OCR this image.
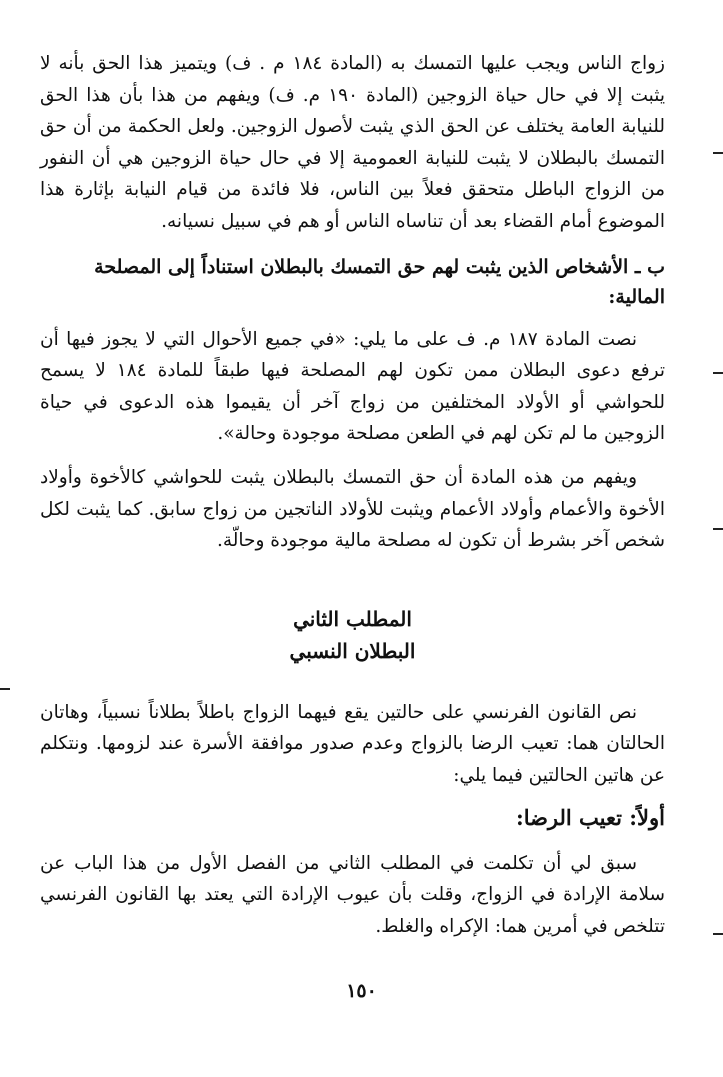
زواج الناس ويجب عليها التمسك به (المادة ١٨٤ م . ف) ويتميز هذا الحق بأنه لا يثبت إلا في حال حياة الزوجين (المادة ١٩٠ م. ف) ويفهم من هذا بأن هذا الحق للنيابة العامة يختلف عن الحق الذي يثبت لأصول الزوجين. ولعل الحكمة من أن حق التمسك بالبطلان لا يثبت للنيابة العمومية إلا في حال حياة الزوجين هي أن النفور من الزواج الباطل متحقق فعلاً بين الناس، فلا فائدة من قيام النيابة بإثارة هذا الموضوع أمام القضاء بعد أن تناساه الناس أو هم في سبيل نسيانه.

ب ـ الأشخاص الذين يثبت لهم حق التمسك بالبطلان استناداً إلى المصلحة المالية:

نصت المادة ١٨٧ م. ف على ما يلي: «في جميع الأحوال التي لا يجوز فيها أن ترفع دعوى البطلان ممن تكون لهم المصلحة فيها طبقاً للمادة ١٨٤ لا يسمح للحواشي أو الأولاد المختلفين من زواج آخر أن يقيموا هذه الدعوى في حياة الزوجين ما لم تكن لهم في الطعن مصلحة موجودة وحالة».

ويفهم من هذه المادة أن حق التمسك بالبطلان يثبت للحواشي كالأخوة وأولاد الأخوة والأعمام وأولاد الأعمام ويثبت للأولاد الناتجين من زواج سابق. كما يثبت لكل شخص آخر بشرط أن تكون له مصلحة مالية موجودة وحالّة.

المطلب الثاني

البطلان النسبي

نص القانون الفرنسي على حالتين يقع فيهما الزواج باطلاً بطلاناً نسبياً، وهاتان الحالتان هما: تعيب الرضا بالزواج وعدم صدور موافقة الأسرة عند لزومها. ونتكلم عن هاتين الحالتين فيما يلي:

أولاً: تعيب الرضا:

سبق لي أن تكلمت في المطلب الثاني من الفصل الأول من هذا الباب عن سلامة الإرادة في الزواج، وقلت بأن عيوب الإرادة التي يعتد بها القانون الفرنسي تتلخص في أمرين هما: الإكراه والغلط.

١٥٠
